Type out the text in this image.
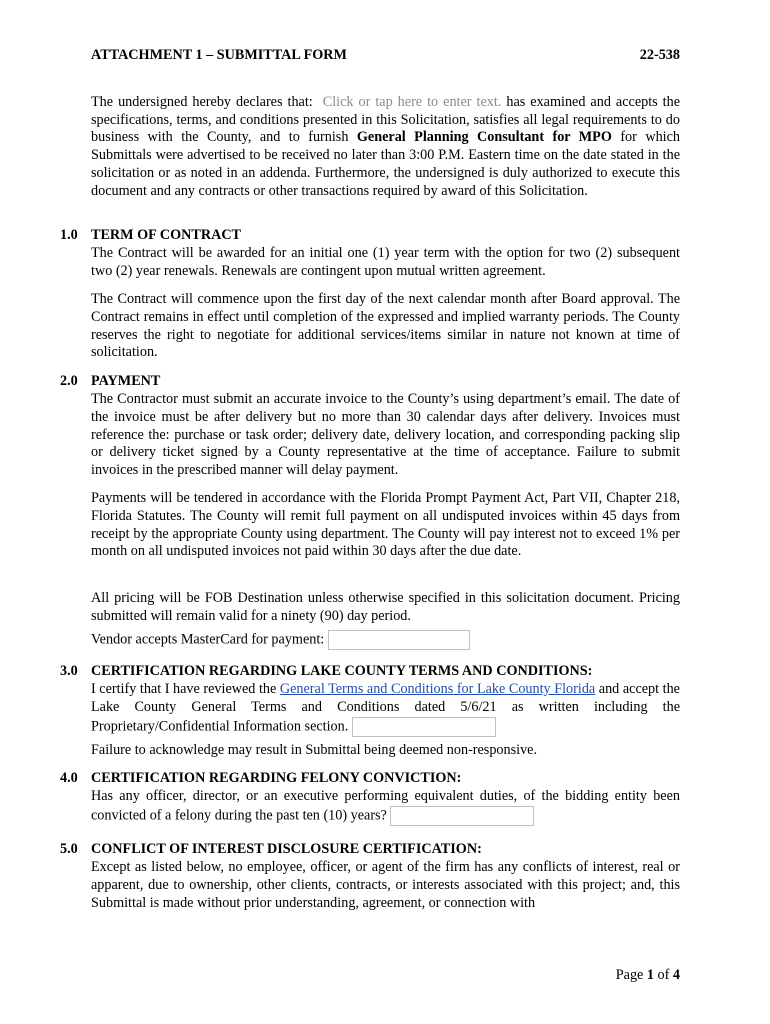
ATTACHMENT 1 – SUBMITTAL FORM	22-538
The undersigned hereby declares that: Click or tap here to enter text. has examined and accepts the specifications, terms, and conditions presented in this Solicitation, satisfies all legal requirements to do business with the County, and to furnish General Planning Consultant for MPO for which Submittals were advertised to be received no later than 3:00 P.M. Eastern time on the date stated in the solicitation or as noted in an addenda. Furthermore, the undersigned is duly authorized to execute this document and any contracts or other transactions required by award of this Solicitation.
1.0 TERM OF CONTRACT
The Contract will be awarded for an initial one (1) year term with the option for two (2) subsequent two (2) year renewals. Renewals are contingent upon mutual written agreement.
The Contract will commence upon the first day of the next calendar month after Board approval. The Contract remains in effect until completion of the expressed and implied warranty periods. The County reserves the right to negotiate for additional services/items similar in nature not known at time of solicitation.
2.0 PAYMENT
The Contractor must submit an accurate invoice to the County’s using department’s email. The date of the invoice must be after delivery but no more than 30 calendar days after delivery. Invoices must reference the: purchase or task order; delivery date, delivery location, and corresponding packing slip or delivery ticket signed by a County representative at the time of acceptance. Failure to submit invoices in the prescribed manner will delay payment.
Payments will be tendered in accordance with the Florida Prompt Payment Act, Part VII, Chapter 218, Florida Statutes. The County will remit full payment on all undisputed invoices within 45 days from receipt by the appropriate County using department. The County will pay interest not to exceed 1% per month on all undisputed invoices not paid within 30 days after the due date.
All pricing will be FOB Destination unless otherwise specified in this solicitation document. Pricing submitted will remain valid for a ninety (90) day period.
Vendor accepts MasterCard for payment:
3.0 CERTIFICATION REGARDING LAKE COUNTY TERMS AND CONDITIONS:
I certify that I have reviewed the General Terms and Conditions for Lake County Florida and accept the Lake County General Terms and Conditions dated 5/6/21 as written including the Proprietary/Confidential Information section.
Failure to acknowledge may result in Submittal being deemed non-responsive.
4.0 CERTIFICATION REGARDING FELONY CONVICTION:
Has any officer, director, or an executive performing equivalent duties, of the bidding entity been convicted of a felony during the past ten (10) years?
5.0 CONFLICT OF INTEREST DISCLOSURE CERTIFICATION:
Except as listed below, no employee, officer, or agent of the firm has any conflicts of interest, real or apparent, due to ownership, other clients, contracts, or interests associated with this project; and, this Submittal is made without prior understanding, agreement, or connection with
Page 1 of 4
